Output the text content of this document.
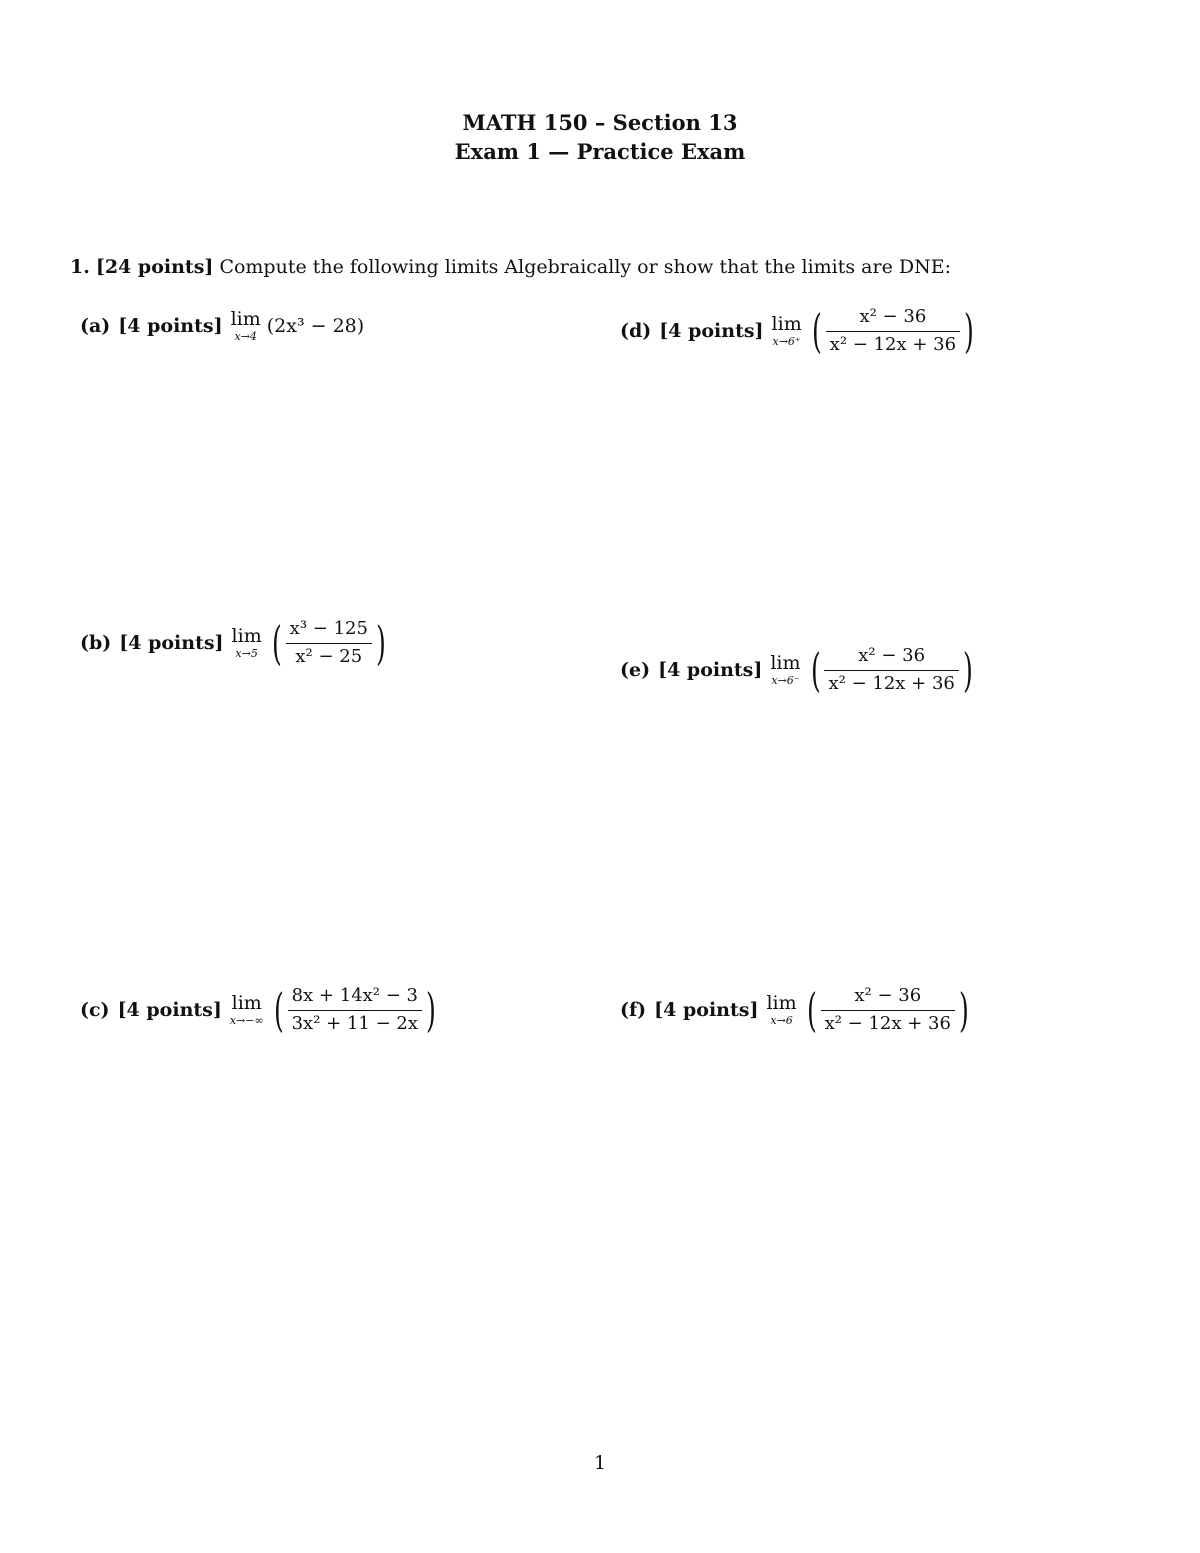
MATH 150 – Section 13
Exam 1 — Practice Exam
1. [24 points] Compute the following limits Algebraically or show that the limits are DNE:
(a) [4 points] lim
x→4 (2x³ − 28)
(b) [4 points] lim
x→5 ( $\frac{\text{x³ − 125}}{\text{x² − 25}}$ )
(c) [4 points] lim
x→−∞ ( $\frac{\text{8x + 14x² − 3}}{\text{3x² + 11 − 2x}}$ )
(d) [4 points] lim
x→6⁺ ( $\frac{\text{x² − 36}}{\text{x² − 12x + 36}}$ )
(e) [4 points] lim
x→6⁻ ( $\frac{\text{x² − 36}}{\text{x² − 12x + 36}}$ )
(f) [4 points] lim
x→6 ( $\frac{\text{x² − 36}}{\text{x² − 12x + 36}}$ )
1
